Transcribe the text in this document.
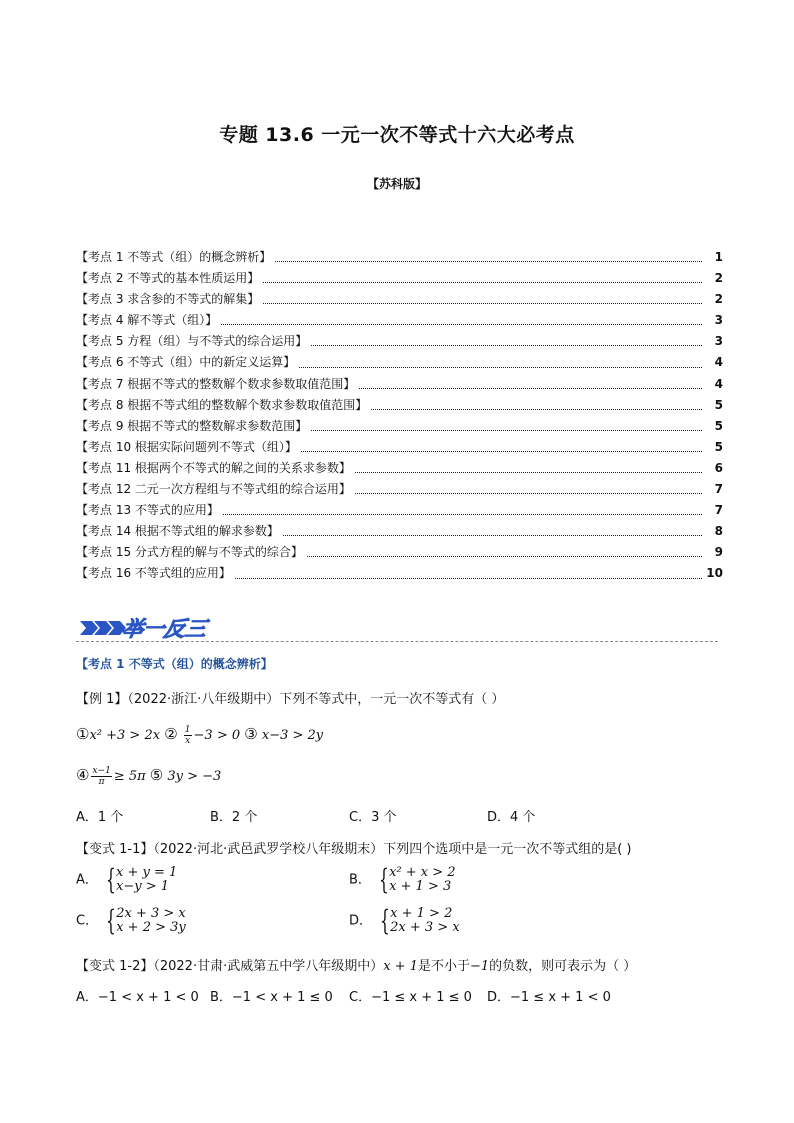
专题 13.6 一元一次不等式十六大必考点
【苏科版】
【考点 1 不等式（组）的概念辨析】	1
【考点 2 不等式的基本性质运用】	2
【考点 3 求含参的不等式的解集】	2
【考点 4 解不等式（组）】	3
【考点 5 方程（组）与不等式的综合运用】	3
【考点 6 不等式（组）中的新定义运算】	4
【考点 7 根据不等式的整数解个数求参数取值范围】	4
【考点 8 根据不等式组的整数解个数求参数取值范围】	5
【考点 9 根据不等式的整数解求参数范围】	5
【考点 10 根据实际问题列不等式（组）】	5
【考点 11 根据两个不等式的解之间的关系求参数】	6
【考点 12 二元一次方程组与不等式组的综合运用】	7
【考点 13 不等式的应用】	7
【考点 14 根据不等式组的解求参数】	8
【考点 15 分式方程的解与不等式的综合】	9
【考点 16 不等式组的应用】	10
举一反三
【考点 1 不等式（组）的概念辨析】
【例 1】（2022·浙江·八年级期中）下列不等式中，一元一次不等式有（ ）
①x² +3 > 2x ② $\frac{1}{x} -3 > 0$ ③ x−3 > 2y
④ $\frac{x-1}{\pi} \ge 5\pi$ ⑤ 3y > −3
A．1 个	B．2 个	C．3 个	D．4 个
【变式 1-1】（2022·河北·武邑武罗学校八年级期末）下列四个选项中是一元一次不等式组的是( )
A． { x + y = 1
x−y > 1	B． { x² + x > 2
x + 1 > 3
C． { 2x + 3 > x
x + 2 > 3y	D． { x + 1 > 2
2x + 3 > x
【变式 1-2】（2022·甘肃·武威第五中学八年级期中）x + 1是不小于−1的负数，则可表示为（ ）
A．−1 < x + 1 < 0 B．−1 < x + 1 ≤ 0 C．−1 ≤ x + 1 ≤ 0 D．−1 ≤ x + 1 < 0
